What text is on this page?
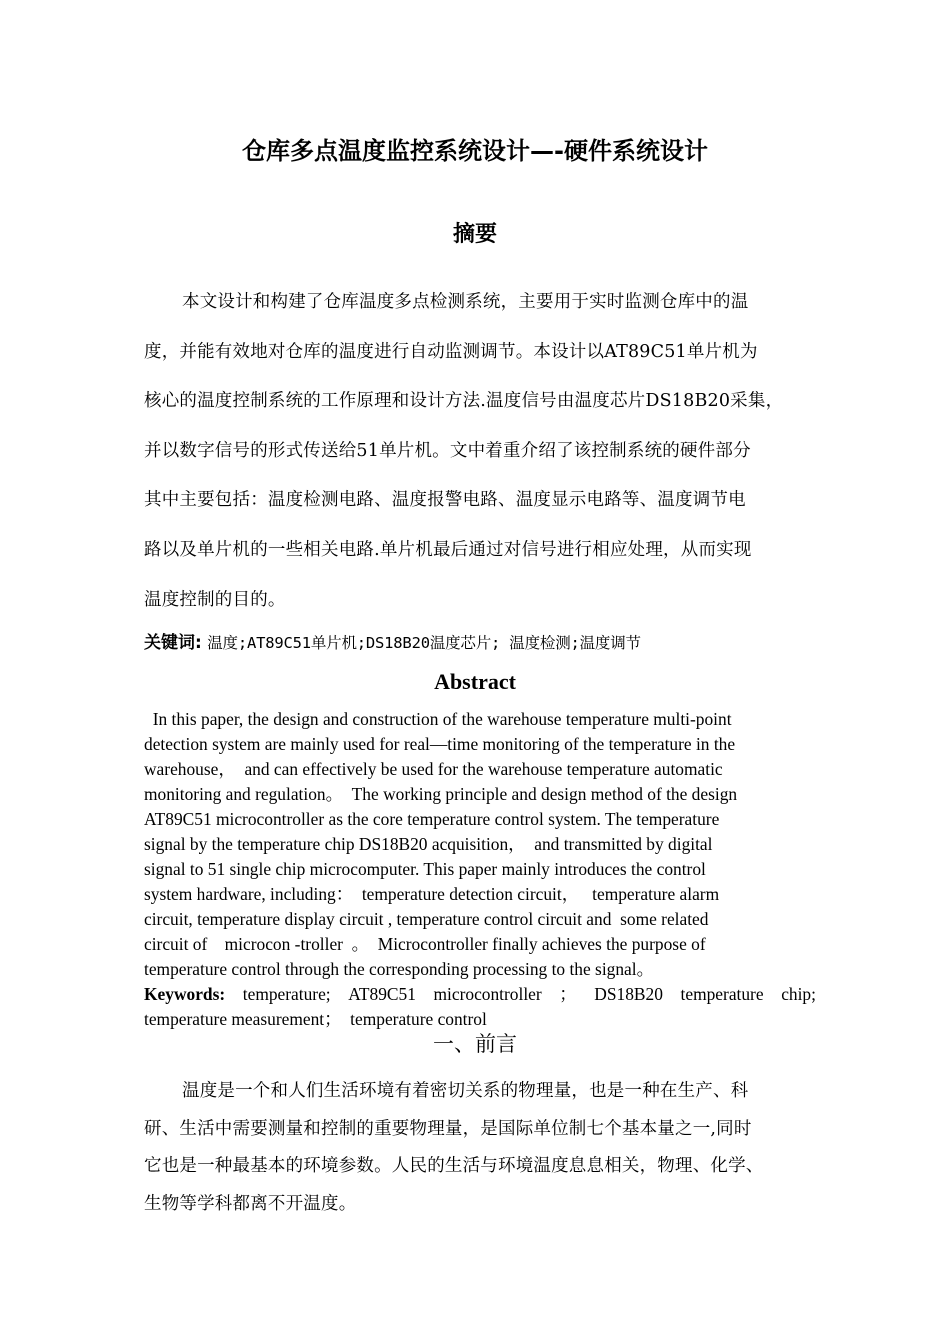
仓库多点温度监控系统设计—-硬件系统设计
摘要
本文设计和构建了仓库温度多点检测系统，主要用于实时监测仓库中的温
度，并能有效地对仓库的温度进行自动监测调节。本设计以AT89C51单片机为
核心的温度控制系统的工作原理和设计方法.温度信号由温度芯片DS18B20采集，
并以数字信号的形式传送给51单片机。文中着重介绍了该控制系统的硬件部分
其中主要包括：温度检测电路、温度报警电路、温度显示电路等、温度调节电
路以及单片机的一些相关电路.单片机最后通过对信号进行相应处理，从而实现
温度控制的目的。
关键词: 温度;AT89C51单片机;DS18B20温度芯片; 温度检测;温度调节
Abstract
In this paper, the design and construction of the warehouse temperature multi-point
detection system are mainly used for real—time monitoring of the temperature in the
warehouse，  and can effectively be used for the warehouse temperature automatic
monitoring and regulation。  The working principle and design method of the design
AT89C51 microcontroller as the core temperature control system. The temperature
signal by the temperature chip DS18B20 acquisition，  and transmitted by digital
signal to 51 single chip microcomputer. This paper mainly introduces the control
system hardware, including：  temperature detection circuit，   temperature alarm
circuit, temperature display circuit , temperature control circuit and  some related
circuit of    microcon -troller  。  Microcontroller finally achieves the purpose of
temperature control through the corresponding processing to the signal。
Keywords: temperature; AT89C51 microcontroller ； DS18B20 temperature chip;
temperature measurement；  temperature control
一、前言
温度是一个和人们生活环境有着密切关系的物理量，也是一种在生产、科
研、生活中需要测量和控制的重要物理量，是国际单位制七个基本量之一,同时
它也是一种最基本的环境参数。人民的生活与环境温度息息相关，物理、化学、
生物等学科都离不开温度。
